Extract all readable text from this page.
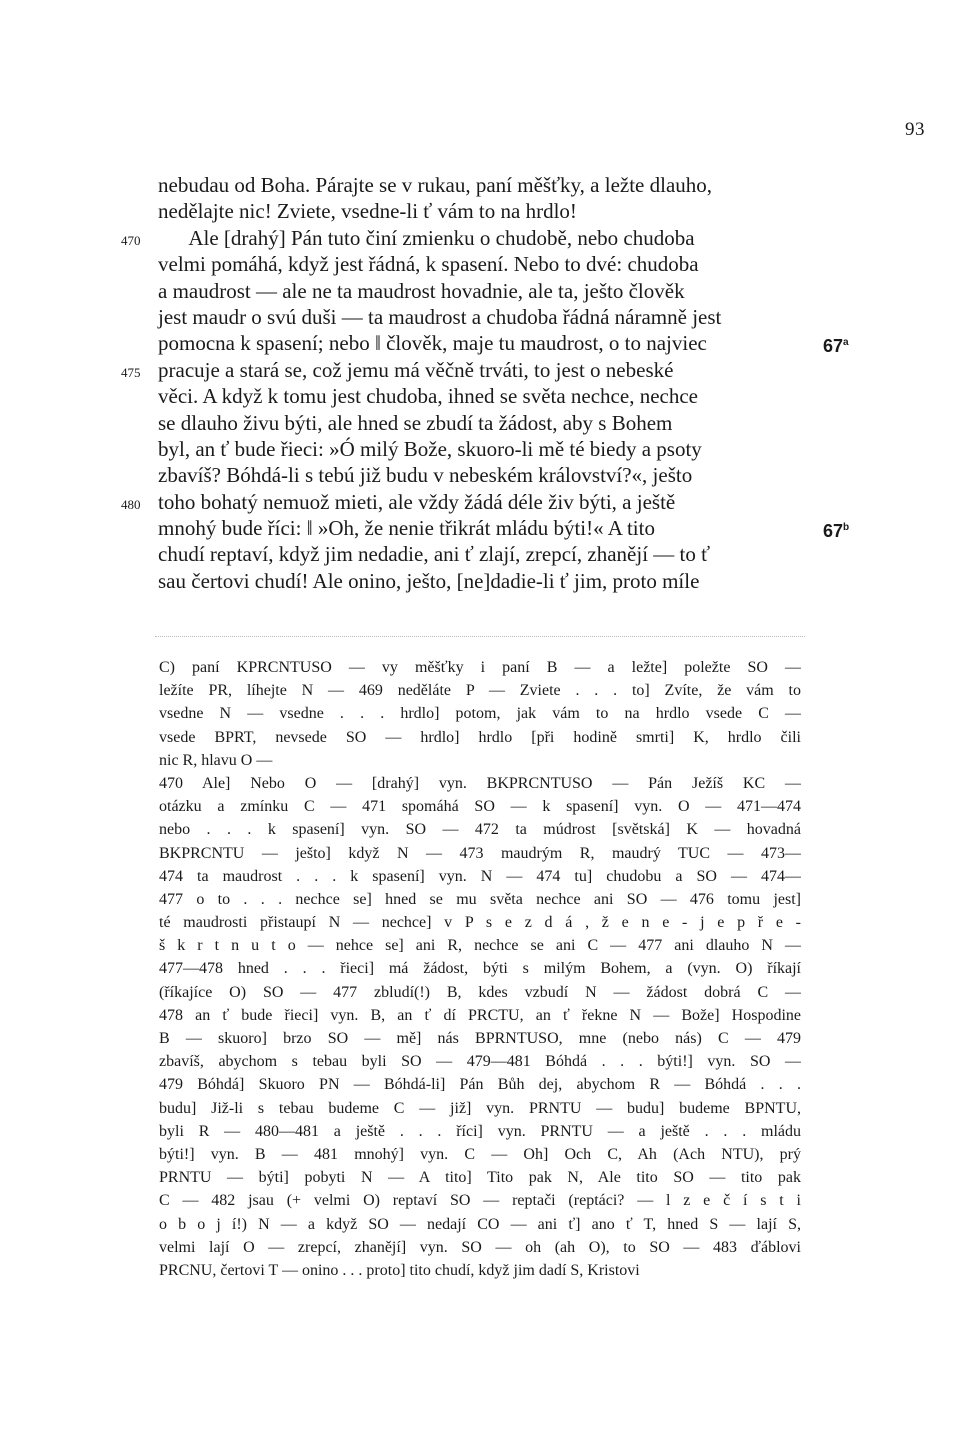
93
nebudau od Boha. Párajte se v rukau, paní měšťky, a ležte dlauho,
nedělajte nic! Zviete, vsedne-li ť vám to na hrdlo!
470 Ale [drahý] Pán tuto činí zmienku o chudobě, nebo chudoba
velmi pomáhá, když jest řádná, k spasení. Nebo to dvé: chudoba
a maudrost — ale ne ta maudrost hovadnie, ale ta, ješto člověk
jest maudr o svú duši — ta maudrost a chudoba řádná náramně jest
pomocna k spasení; nebo ‖ člověk, maje tu maudrost, o to najviec	67$^a$
475 pracuje a stará se, což jemu má věčně trváti, to jest o nebeské
věci. A když k tomu jest chudoba, ihned se světa nechce, nechce
se dlauho živu býti, ale hned se zbudí ta žádost, aby s Bohem
byl, an ť bude řieci: »Ó milý Bože, skuoro-li mě té biedy a psoty
zbavíš? Bóhdá-li s tebú již budu v nebeském království?«, ješto
480 toho bohatý nemuož mieti, ale vždy žádá déle živ býti, a ještě
mnohý bude říci: ‖ »Oh, že nenie třikrát mládu býti!« A tito	67$^b$
chudí reptaví, když jim nedadie, ani ť zlají, zrepcí, zhanějí — to ť
sau čertovi chudí! Ale onino, ješto, [ne]dadie-li ť jim, proto míle
C) paní KPRCNTUSO — vy měšťky i paní B — a ležte] poležte SO —
ležíte PR, líhejte N — 469 neděláte P — Zviete . . . to] Zvíte, že vám to
vsedne N — vsedne . . . hrdlo] potom, jak vám to na hrdlo vsede C —
vsede BPRT, nevsede SO — hrdlo] hrdlo [při hodině smrti] K, hrdlo čili
nic R, hlavu O —
470 Ale] Nebo O — [drahý] vyn. BKPRCNTUSO — Pán Ježíš KC —
otázku a zmínku C — 471 spomáhá SO — k spasení] vyn. O — 471—474
nebo . . . k spasení] vyn. SO — 472 ta múdrost [světská] K — hovadná
BKPRCNTU — ješto] když N — 473 maudrým R, maudrý TUC — 473—
474 ta maudrost . . . k spasení] vyn. N — 474 tu] chudobu a SO — 474—
477 o to . . . nechce se] hned se mu světa nechce ani SO — 476 tomu jest]
té maudrosti přistaupí N — nechce] v P s e z d á , ž e n e - j e p ř e -
š k r t n u t o — nehce se] ani R, nechce se ani C — 477 ani dlauho N —
477—478 hned . . . řieci] má žádost, býti s milým Bohem, a (vyn. O) říkají
(říkajíce O) SO — 477 zbludí(!) B, kdes vzbudí N — žádost dobrá C —
478 an ť bude řieci] vyn. B, an ť dí PRCTU, an ť řekne N — Bože] Hospodine
B — skuoro] brzo SO — mě] nás BPRNTUSO, mne (nebo nás) C — 479
zbavíš, abychom s tebau byli SO — 479—481 Bóhdá . . . býti!] vyn. SO —
479 Bóhdá] Skuoro PN — Bóhdá-li] Pán Bůh dej, abychom R — Bóhdá . . .
budu] Již-li s tebau budeme C — již] vyn. PRNTU — budu] budeme BPNTU,
byli R — 480—481 a ještě . . . říci] vyn. PRNTU — a ještě . . . mládu
býti!] vyn. B — 481 mnohý] vyn. C — Oh] Och C, Ah (Ach NTU), prý
PRNTU — býti] pobyti N — A tito] Tito pak N, Ale tito SO — tito pak
C — 482 jsau (+ velmi O) reptaví SO — reptači (reptáci? — l z e č í s t i
o b o j í!) N — a když SO — nedají CO — ani ť] ano ť T, hned S — lají S,
velmi lají O — zrepcí, zhanějí] vyn. SO — oh (ah O), to SO — 483 ďáblovi
PRCNU, čertovi T — onino . . . proto] tito chudí, když jim dadí S, Kristovi
